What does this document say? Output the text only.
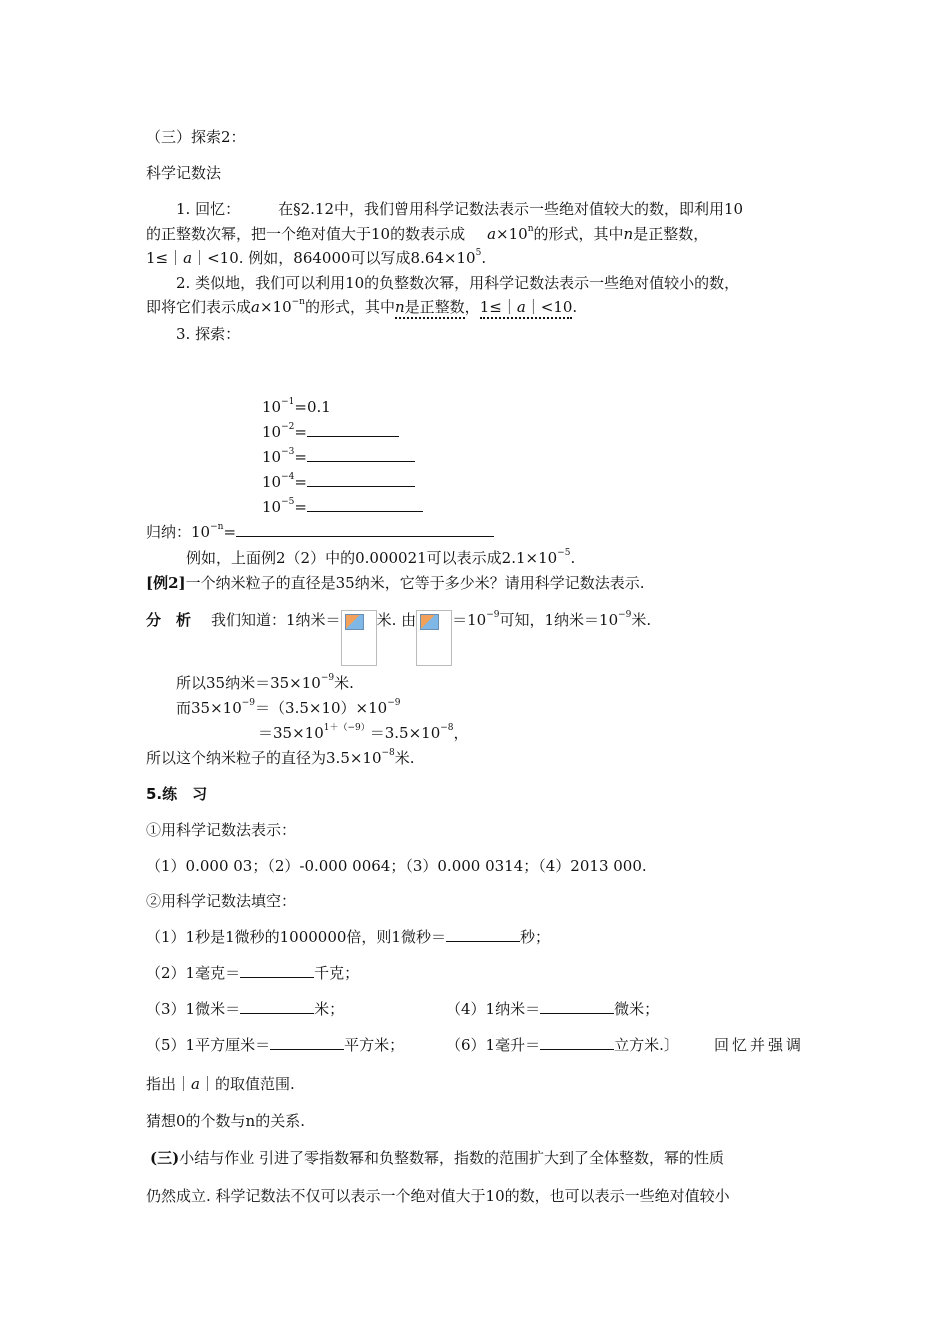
（三）探索2：
科学记数法
1. 回忆：	在§2.12中，我们曾用科学记数法表示一些绝对值较大的数，即利用10
的正整数次幂，把一个绝对值大于10的数表示成 $a\times 10^n$的形式，其中n是正整数，
1≤｜a｜<10. 例如，864000可以写成$8.64\times 10^5$.
2. 类似地，我们可以利用10的负整数次幂，用科学记数法表示一些绝对值较小的数，
即将它们表示成$a\times 10^{-n}$的形式，其中n是正整数，1≤｜a｜<10.
3. 探索：
$10^{-1}=0.1$
$10^{-2}=$
$10^{-3}=$
$10^{-4}=$
$10^{-5}=$
归纳：$10^{-n}=$
例如，上面例2（2）中的0.000021可以表示成$2.1\times 10^{-5}$.
[例2]一个纳米粒子的直径是35纳米，它等于多少米？请用科学记数法表示.
分　析 我们知道：1纳米＝ 米. 由 $=10^{-9}$可知，1纳米$=10^{-9}$米.
所以35纳米$=35\times 10^{-9}$米.
而$35\times 10^{-9}=(3.5\times 10)\times 10^{-9}$
$=35\times 10^{1+(-9)}=3.5\times 10^{-8}$，
所以这个纳米粒子的直径为$3.5\times 10^{-8}$米.
5.练　习
①用科学记数法表示：
（1）0.000 03；（2）-0.000 0064；（3）0.000 0314；（4）2013 000.
②用科学记数法填空：
（1）1秒是1微秒的1000000倍，则1微秒＝	秒；
（2）1毫克＝	千克；
（3）1微米＝	米；	（4）1纳米＝	微米；
（5）1平方厘米＝	平方米；	（6）1毫升＝	立方米.〕 回忆并强调
指出｜a｜的取值范围.
猜想0的个数与n的关系.
(三)小结与作业 引进了零指数幂和负整数幂，指数的范围扩大到了全体整数，幂的性质
仍然成立. 科学记数法不仅可以表示一个绝对值大于10的数，也可以表示一些绝对值较小
